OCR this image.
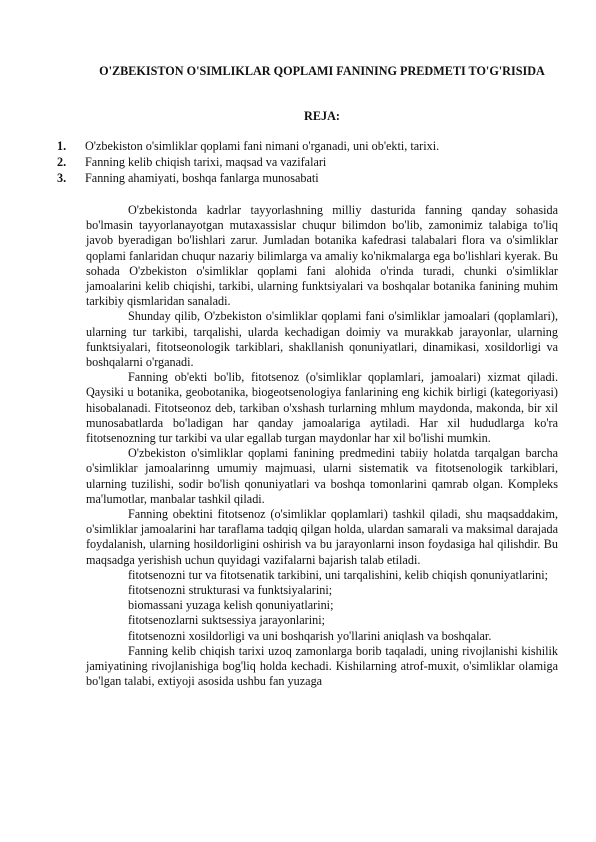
O'ZBEKISTON O'SIMLIKLAR QOPLAMI FANINING PREDMETI TO'G'RISIDA
REJA:
1.	O'zbekiston o'simliklar qoplami fani nimani o'rganadi, uni ob'ekti, tarixi.
2.	Fanning kelib chiqish tarixi, maqsad va vazifalari
3.	Fanning ahamiyati, boshqa fanlarga munosabati

O'zbekistonda kadrlar tayyorlashning milliy dasturida fanning qanday sohasida bo'lmasin tayyorlanayotgan mutaxassislar chuqur bilimdon bo'lib, zamonimiz talabiga to'liq javob byeradigan bo'lishlari zarur. Jumladan botanika kafedrasi talabalari flora va o'simliklar qoplami fanlaridan chuqur nazariy bilimlarga va amaliy ko'nikmalarga ega bo'lishlari kyerak. Bu sohada O'zbekiston o'simliklar qoplami fani alohida o'rinda turadi, chunki o'simliklar jamoalarini kelib chiqishi, tarkibi, ularning funktsiyalari va boshqalar botanika fanining muhim tarkibiy qismlaridan sanaladi.

Shunday qilib, O'zbekiston o'simliklar qoplami fani o'simliklar jamoalari (qoplamlari), ularning tur tarkibi, tarqalishi, ularda kechadigan doimiy va murakkab jarayonlar, ularning funktsiyalari, fitotseonologik tarkiblari, shakllanish qonuniyatlari, dinamikasi, xosildorligi va boshqalarni o'rganadi.

Fanning ob'ekti bo'lib, fitotsenoz (o'simliklar qoplamlari, jamoalari) xizmat qiladi. Qaysiki u botanika, geobotanika, biogeotsenologiya fanlarining eng kichik birligi (kategoriyasi) hisobalanadi. Fitotseonoz deb, tarkiban o'xshash turlarning mhlum maydonda, makonda, bir xil munosabatlarda bo'ladigan har qanday jamoalariga aytiladi. Har xil hududlarga ko'ra fitotsenozning tur tarkibi va ular egallab turgan maydonlar har xil bo'lishi mumkin.

O'zbekiston o'simliklar qoplami fanining predmedini tabiiy holatda tarqalgan barcha o'simliklar jamoalarinng umumiy majmuasi, ularni sistematik va fitotsenologik tarkiblari, ularning tuzilishi, sodir bo'lish qonuniyatlari va boshqa tomonlarini qamrab olgan. Kompleks ma'lumotlar, manbalar tashkil qiladi.

Fanning obektini fitotsenoz (o'simliklar qoplamlari) tashkil qiladi, shu maqsaddakim, o'simliklar jamoalarini har taraflama tadqiq qilgan holda, ulardan samarali va maksimal darajada foydalanish, ularning hosildorligini oshirish va bu jarayonlarni inson foydasiga hal qilishdir. Bu maqsadga yerishish uchun quyidagi vazifalarni bajarish talab etiladi.

fitotsenozni tur va fitotsenatik tarkibini, uni tarqalishini, kelib chiqish qonuniyatlarini;

fitotsenozni strukturasi va funktsiyalarini;

biomassani yuzaga kelish qonuniyatlarini;

fitotsenozlarni suktsessiya jarayonlarini;

fitotsenozni xosildorligi va uni boshqarish yo'llarini aniqlash va boshqalar.

Fanning kelib chiqish tarixi uzoq zamonlarga borib taqaladi, uning rivojlanishi kishilik jamiyatining rivojlanishiga bog'liq holda kechadi. Kishilarning atrof-muxit, o'simliklar olamiga bo'lgan talabi, extiyoji asosida ushbu fan yuzaga
